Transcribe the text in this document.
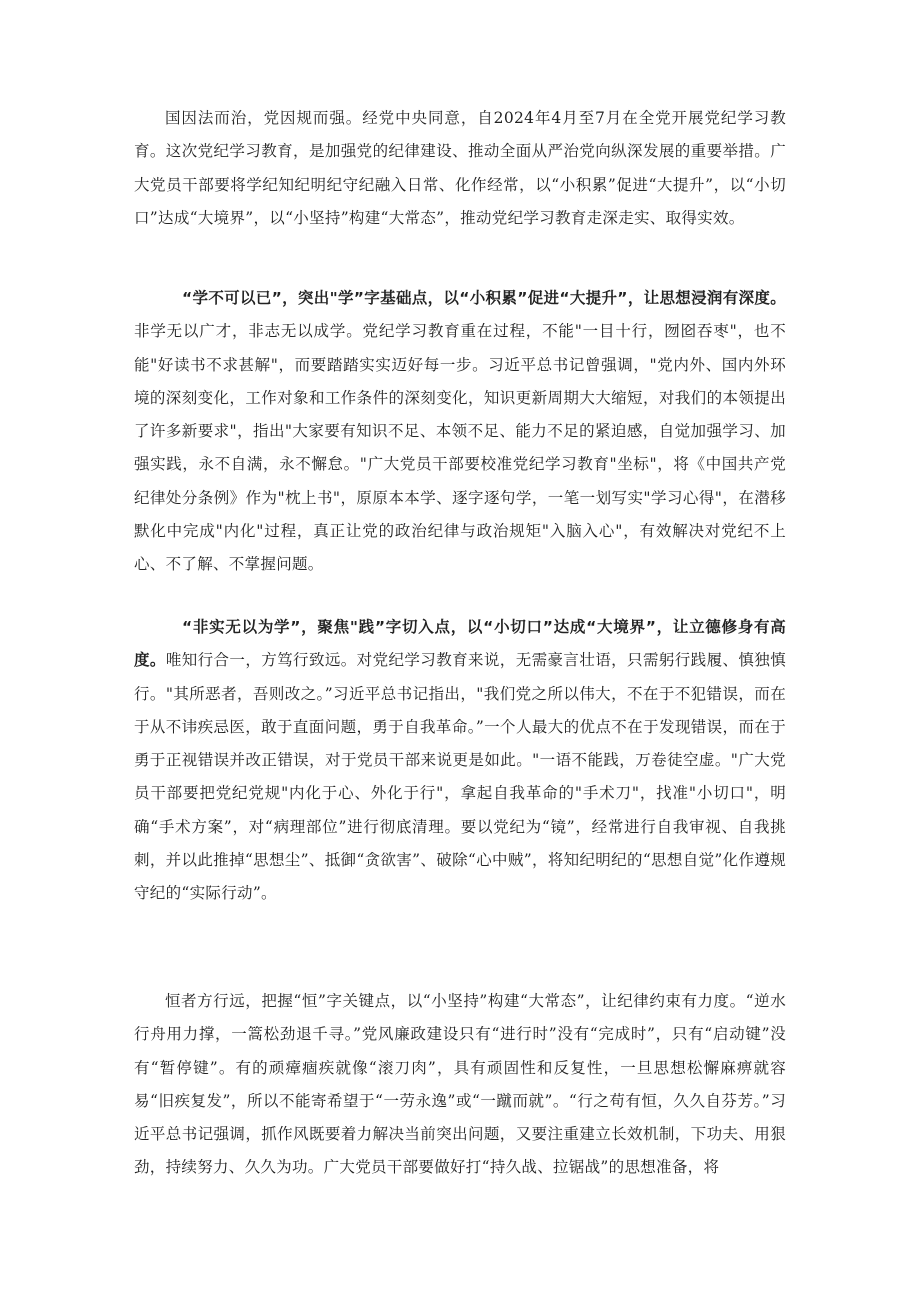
国因法而治，党因规而强。经党中央同意，自2024年4月至7月在全党开展党纪学习教育。这次党纪学习教育，是加强党的纪律建设、推动全面从严治党向纵深发展的重要举措。广大党员干部要将学纪知纪明纪守纪融入日常、化作经常，以“小积累”促进“大提升”，以“小切口”达成“大境界”，以“小坚持”构建“大常态”，推动党纪学习教育走深走实、取得实效。

“学不可以已”，突出"学”字基础点，以“小积累”促进“大提升”，让思想浸润有深度。非学无以广才，非志无以成学。党纪学习教育重在过程，不能"一目十行，囫囵吞枣"，也不能"好读书不求甚解"，而要踏踏实实迈好每一步。习近平总书记曾强调，"党内外、国内外环境的深刻变化，工作对象和工作条件的深刻变化，知识更新周期大大缩短，对我们的本领提出了许多新要求"，指出"大家要有知识不足、本领不足、能力不足的紧迫感，自觉加强学习、加强实践，永不自满，永不懈怠。"广大党员干部要校准党纪学习教育"坐标"，将《中国共产党纪律处分条例》作为"枕上书"，原原本本学、逐字逐句学，一笔一划写实"学习心得"，在潜移默化中完成"内化"过程，真正让党的政治纪律与政治规矩"入脑入心"，有效解决对党纪不上心、不了解、不掌握问题。

“非实无以为学”，聚焦"践”字切入点，以“小切口”达成“大境界”，让立德修身有高度。唯知行合一，方笃行致远。对党纪学习教育来说，无需豪言壮语，只需躬行践履、慎独慎行。"其所恶者，吾则改之。”习近平总书记指出，"我们党之所以伟大，不在于不犯错误，而在于从不讳疾忌医，敢于直面问题，勇于自我革命。”一个人最大的优点不在于发现错误，而在于勇于正视错误并改正错误，对于党员干部来说更是如此。"一语不能践，万卷徒空虚。"广大党员干部要把党纪党规"内化于心、外化于行"，拿起自我革命的"手术刀"，找准"小切口"，明确“手术方案”，对“病理部位”进行彻底清理。要以党纪为“镜”，经常进行自我审视、自我挑刺，并以此推掉“思想尘”、抵御“贪欲害”、破除“心中贼”，将知纪明纪的“思想自觉”化作遵规守纪的“实际行动”。

恒者方行远，把握“恒”字关键点，以“小坚持”构建“大常态”，让纪律约束有力度。“逆水行舟用力撑，一篙松劲退千寻。”党风廉政建设只有“进行时”没有“完成时”，只有“启动键”没有“暂停键”。有的顽瘴痼疾就像“滚刀肉”，具有顽固性和反复性，一旦思想松懈麻痹就容易“旧疾复发”，所以不能寄希望于“一劳永逸”或“一蹴而就”。“行之苟有恒，久久自芬芳。”习近平总书记强调，抓作风既要着力解决当前突出问题，又要注重建立长效机制，下功夫、用狠劲，持续努力、久久为功。广大党员干部要做好打“持久战、拉锯战”的思想准备，将
